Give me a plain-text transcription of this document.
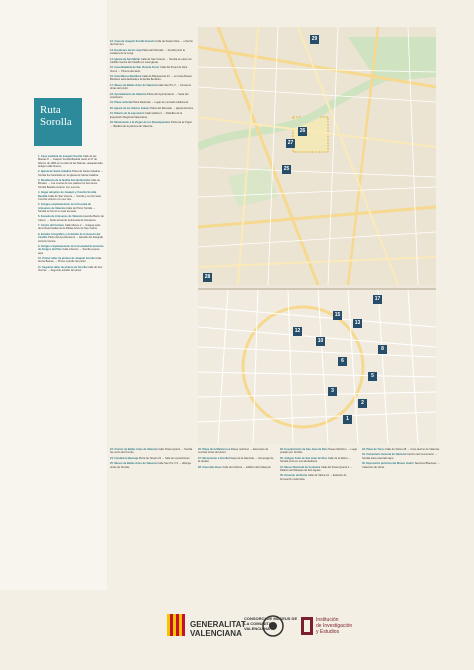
Ruta
Sorolla
1. Casa natalicia de Joaquín Sorolla Calle de las Mantas 8 → Joaquín Sorolla Bastida nació el 27 de febrero de 1863 en la calle de las Mantas, desaparecida antiguo calle Nueva.
2. Iglesia de Santa Catalina Plaza de Santa Catalina → Sorolla fue bautizado en la iglesia de Santa Catalina.
3. Residencia de la familia Sorolla Bastida Calle de Bonaire → A la muerte de sus padres los hermanos Sorolla Bastida vivieron con sus tíos.
4. Hogar adoptivo de Joaquín y Concha Sorolla Bastida Calle de San Vicente → Sorolla y su hermana Concha vivieron con sus tíos.
5. Antiguo emplazamiento de la Escuela de Artesanos de Valencia Calle de Pintor Sorolla → Sorolla se formó en esta escuela.
6. Escuela de Artesanos de Valencia Avenida Barón de Cárcer → Sede actual de la Escuela de Artesanos.
7. Centro del Carmen Calle Museo 2 → Antigua sede de la Real Academia de Bellas Artes de San Carlos.
8. Estudio fotográfico y domicilio de la Gascón del Castillo Plaza del Ayuntamiento → Estudio del fotógrafo Antonio García.
9. Antiguo emplazamiento de la Sociedad Económica de Amigos del País Calle Libreros → Sorolla expuso aquí.
10. Primer taller de pintura de Joaquín Sorolla Calle de las Barcas → Primer estudio del pintor.
11. Segundo taller de pintura de Sorolla Calle de San Vicente → Segundo estudio del pintor.
12. Casa de Joaquín Sorolla Gascón Calle de Santa Clara → el barrio del Carmen.
13. Escalones de la Lonja Plaza del Mercado → Sorolla pintó la escalera de la Lonja.
14. Iglesia de San Martín Calle de San Vicente → Sorolla se casó con Clotilde García del Castillo en esta iglesia.
15. Casa Natalicia de San Vicente Ferrer Calle del Pouet de Sant Vicent → Pintura del autor.
16. Casa Museo Benlliure Calle de Blanquerías 23 → La Casa Museo Benlliure está dedicada a la familia Benlliure.
17. Museo de Bellas Artes de Valencia Calle San Pío V → Conserva obras del pintor.
18. Ayuntamiento de Valencia Plaza del Ayuntamiento → Sede del consistorio.
19. Plaza redonda Plaza Redonda → Lugar de mercado tradicional.
20. Iglesia de los Santos Juanes Plaza del Mercado → Iglesia barroca.
21. Palacio de la exposición Calle Galicia 2 → Pabellón de la Exposición Regional Valenciana.
22. Monumento a la Virgen de los Desamparados Plaza de la Virgen → Basílica de la patrona de Valencia.
23. Círculo de Bellas Artes de Valencia Calle Poeta Querol → Sorolla fue socio del Círculo.
24. Fundación Bancaja Plaza de Tetuán 23 → Sala de exposiciones.
25. Museo de Bellas Artes de Valencia Calle San Pío V 9 → Alberga obras de Sorolla.
26. Playa de la Malvarrosa Paseo marítimo → Escenario de muchas obras del pintor.
27. Monumento a Sorolla Paseo de la Alameda → Homenaje de la ciudad.
28. Casa dels Bous Calle de la Reina → Edificio del Cabanyal.
29. Hospital Asilo de San Juan de Dios Paseo Marítimo → Lugar pintado por Sorolla.
30. Antiguo Asilo de San Juan de Dios Calle de la Reina → Sorolla pintó en sus alrededores.
31. Museo Nacional de Cerámica Calle del Poeta Querol 2 → Palacio del Marqués de Dos Aguas.
32. Estación del Norte Calle de Xàtiva 24 → Estación de ferrocarril modernista.
33. Plaza de Toros Calle de Xàtiva 28 → Coso taurino de Valencia.
34. Cementerio General de Valencia Camino del Cementerio → Sorolla está enterrado aquí.
35. Exposición pictórica del Museo Lladró Tavernes Blanques → Colección de obras.
29
26
27
25
28
17
15
13
12
10
8
6
5
3
2
1
GENERALITAT
VALENCIANA
CONSORCI DE MUSEUS DE LA COMUNITAT VALENCIANA
Institución
de Investigación
y Estudios
